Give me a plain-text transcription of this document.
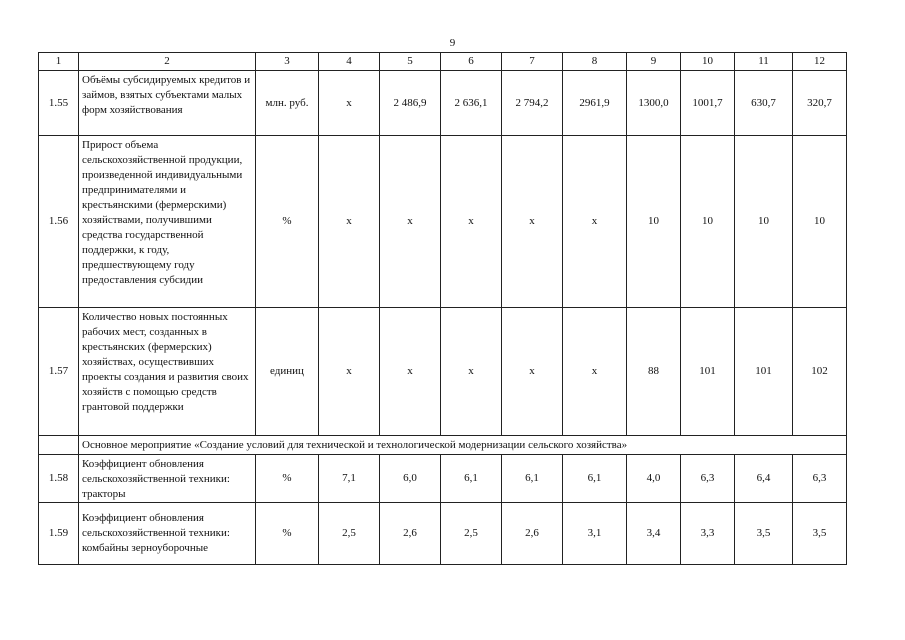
9
1	2	3	4	5	6	7	8	9	10	11	12
1.55	Объёмы субсидируемых кредитов и займов, взятых субъектами малых форм хозяйствования	млн. руб.	х	2 486,9	2 636,1	2 794,2	2961,9	1300,0	1001,7	630,7	320,7
1.56	Прирост объема сельскохозяйственной продукции, произведенной индивидуальными предпринимателями и крестьянскими (фермерскими) хозяйствами, получившими средства государственной поддержки, к году, предшествующему году предоставления субсидии	%	х	х	х	х	х	10	10	10	10
1.57	Количество новых постоянных рабочих мест, созданных в крестьянских (фермерских) хозяйствах, осуществивших проекты создания и развития своих хозяйств с помощью средств грантовой поддержки	единиц	х	х	х	х	х	88	101	101	102
	Основное мероприятие «Создание условий для технической и технологической модернизации сельского хозяйства»										
1.58	Коэффициент обновления сельскохозяйственной техники: тракторы	%	7,1	6,0	6,1	6,1	6,1	4,0	6,3	6,4	6,3
1.59	Коэффициент обновления сельскохозяйственной техники: комбайны зерноуборочные	%	2,5	2,6	2,5	2,6	3,1	3,4	3,3	3,5	3,5
